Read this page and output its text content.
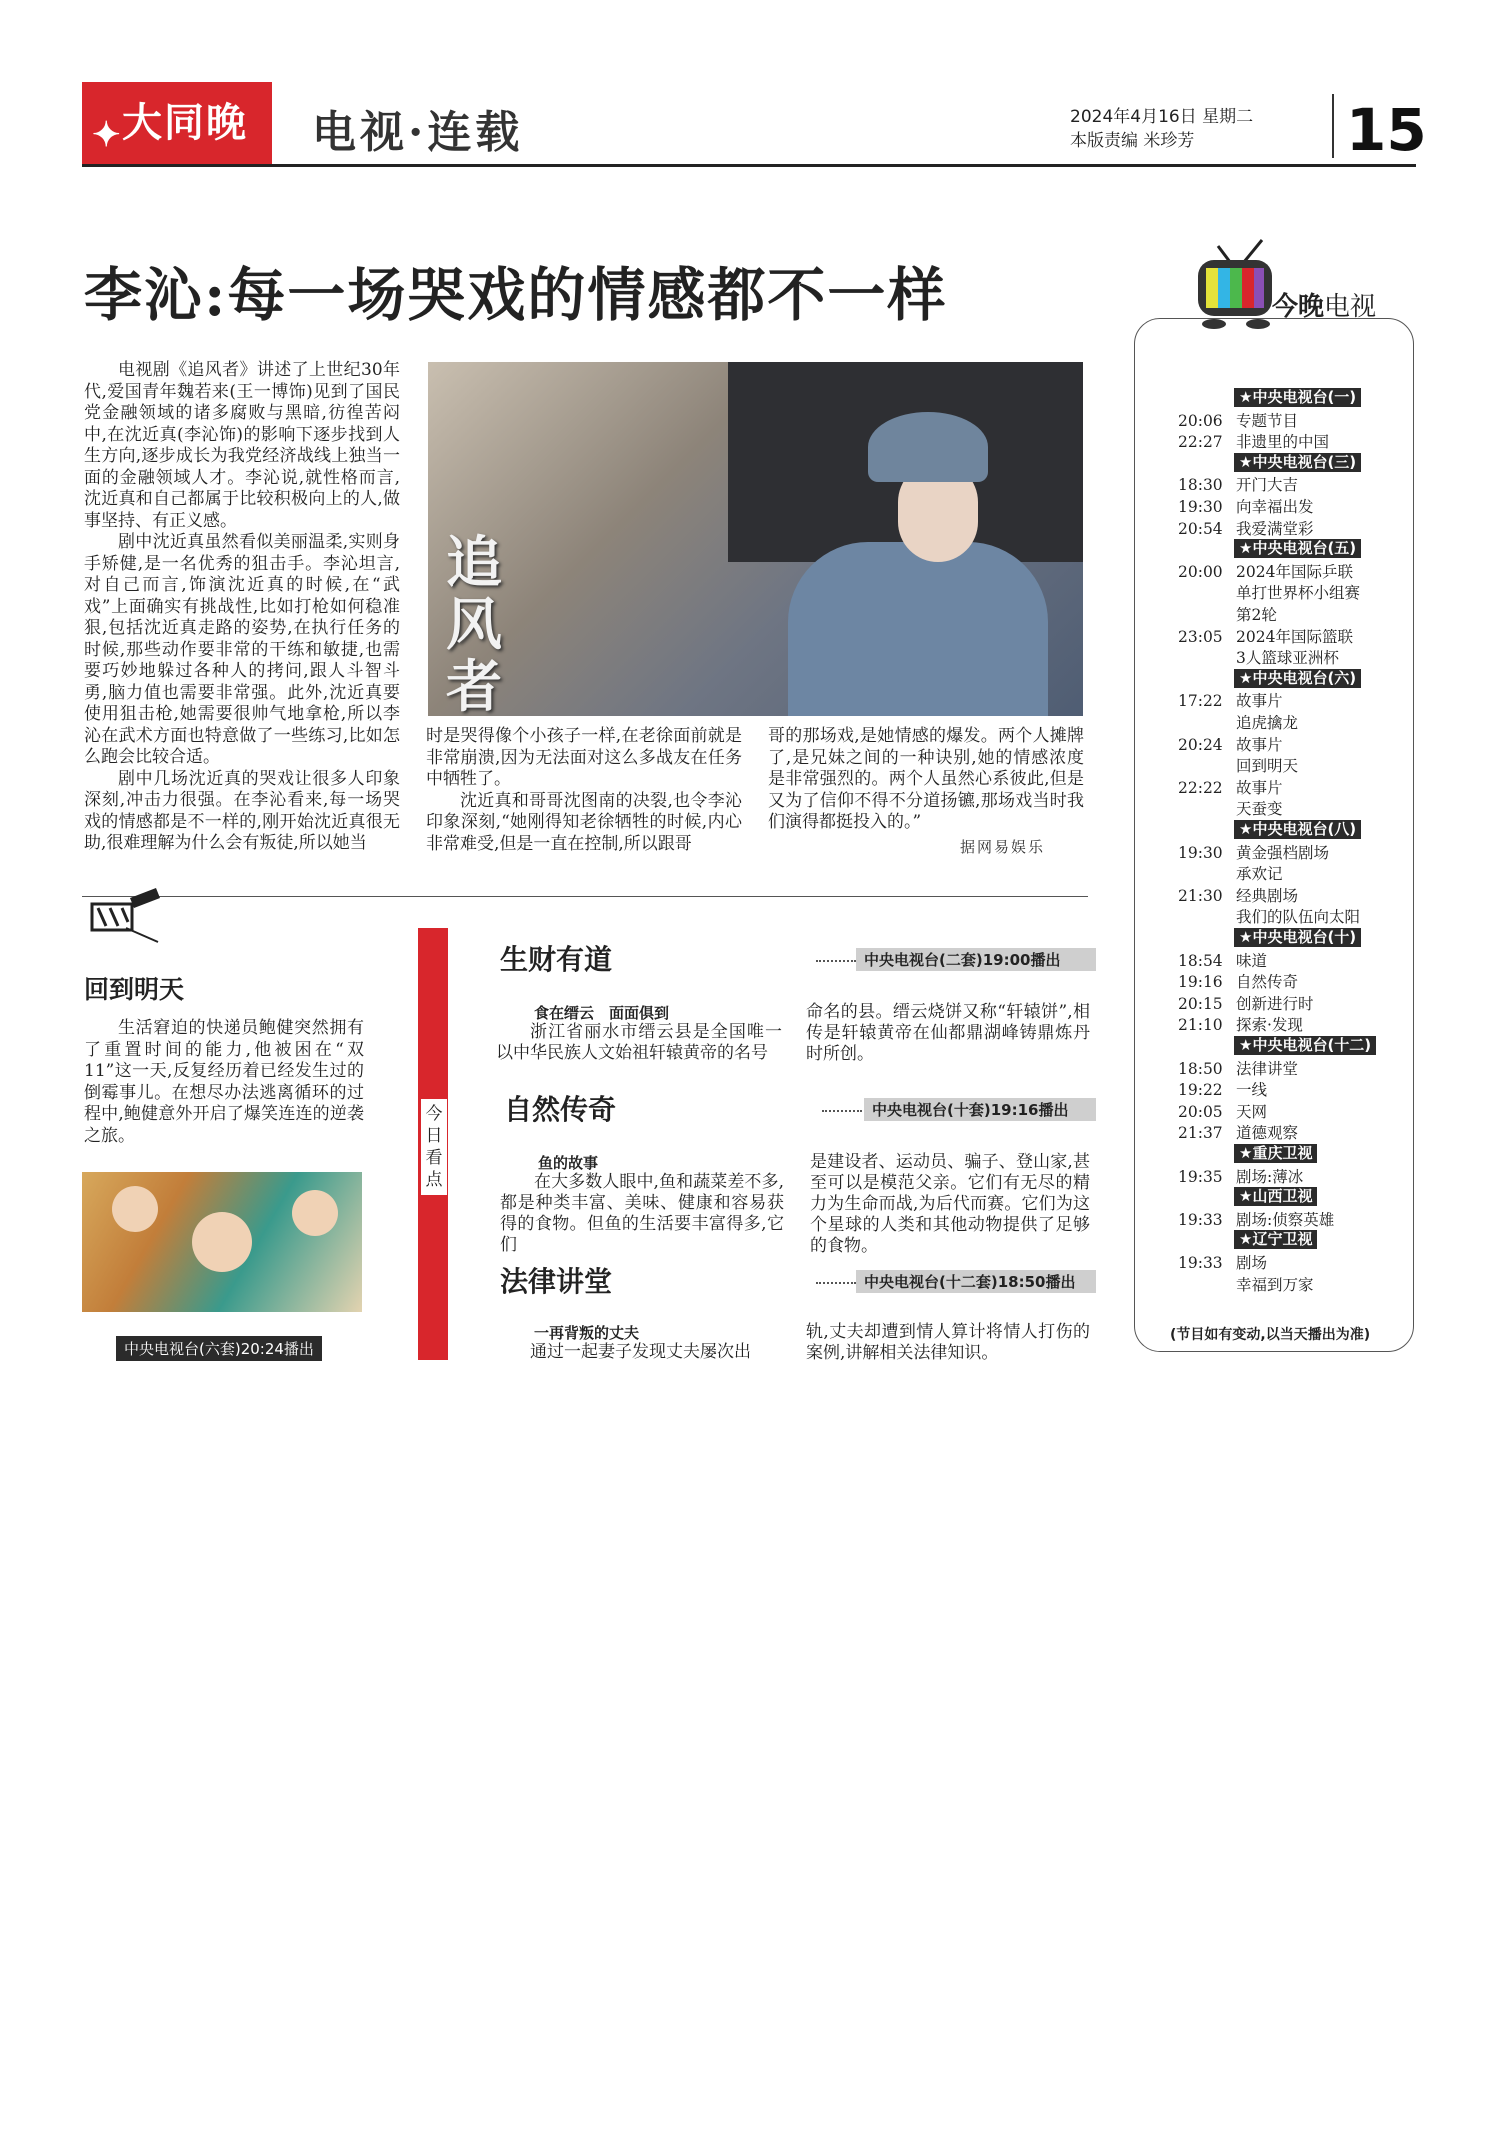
✦ 大同晚报
电视·连载	2024年4月16日 星期二
本版责编 米珍芳	15
李沁:每一场哭戏的情感都不一样

电视剧《追风者》讲述了上世纪30年代,爱国青年魏若来(王一博饰)见到了国民党金融领域的诸多腐败与黑暗,彷徨苦闷中,在沈近真(李沁饰)的影响下逐步找到人生方向,逐步成长为我党经济战线上独当一面的金融领域人才。李沁说,就性格而言,沈近真和自己都属于比较积极向上的人,做事坚持、有正义感。

剧中沈近真虽然看似美丽温柔,实则身手矫健,是一名优秀的狙击手。李沁坦言,对自己而言,饰演沈近真的时候,在“武戏”上面确实有挑战性,比如打枪如何稳准狠,包括沈近真走路的姿势,在执行任务的时候,那些动作要非常的干练和敏捷,也需要巧妙地躲过各种人的拷问,跟人斗智斗勇,脑力值也需要非常强。此外,沈近真要使用狙击枪,她需要很帅气地拿枪,所以李沁在武术方面也特意做了一些练习,比如怎么跑会比较合适。

剧中几场沈近真的哭戏让很多人印象深刻,冲击力很强。在李沁看来,每一场哭戏的情感都是不一样的,刚开始沈近真很无助,很难理解为什么会有叛徒,所以她当

追风者

时是哭得像个小孩子一样,在老徐面前就是非常崩溃,因为无法面对这么多战友在任务中牺牲了。

沈近真和哥哥沈图南的决裂,也令李沁印象深刻,“她刚得知老徐牺牲的时候,内心非常难受,但是一直在控制,所以跟哥

哥的那场戏,是她情感的爆发。两个人摊牌了,是兄妹之间的一种诀别,她的情感浓度是非常强烈的。两个人虽然心系彼此,但是又为了信仰不得不分道扬镳,那场戏当时我们演得都挺投入的。”

据网易娱乐
回到明天

生活窘迫的快递员鲍健突然拥有了重置时间的能力,他被困在“双11”这一天,反复经历着已经发生过的倒霉事儿。在想尽办法逃离循环的过程中,鲍健意外开启了爆笑连连的逆袭之旅。

中央电视台(六套)20:24播出
今日看点
生财有道	中央电视台(二套)19:00播出
食在缙云　面面俱到
浙江省丽水市缙云县是全国唯一以中华民族人文始祖轩辕黄帝的名号
命名的县。缙云烧饼又称“轩辕饼”,相传是轩辕黄帝在仙都鼎湖峰铸鼎炼丹时所创。
自然传奇	中央电视台(十套)19:16播出
鱼的故事
在大多数人眼中,鱼和蔬菜差不多,都是种类丰富、美味、健康和容易获得的食物。但鱼的生活要丰富得多,它们
是建设者、运动员、骗子、登山家,甚至可以是模范父亲。它们有无尽的精力为生命而战,为后代而赛。它们为这个星球的人类和其他动物提供了足够的食物。
法律讲堂	中央电视台(十二套)18:50播出
一再背叛的丈夫
通过一起妻子发现丈夫屡次出
轨,丈夫却遭到情人算计将情人打伤的案例,讲解相关法律知识。
今晚电视
★中央电视台(一)
20:06 专题节目
22:27 非遗里的中国
★中央电视台(三)
18:30 开门大吉
19:30 向幸福出发
20:54 我爱满堂彩
★中央电视台(五)
20:00 2024年国际乒联
单打世界杯小组赛
第2轮
23:05 2024年国际篮联
3人篮球亚洲杯
★中央电视台(六)
17:22 故事片
追虎擒龙
20:24 故事片
回到明天
22:22 故事片
天蚕变
★中央电视台(八)
19:30 黄金强档剧场
承欢记
21:30 经典剧场
我们的队伍向太阳
★中央电视台(十)
18:54 味道
19:16 自然传奇
20:15 创新进行时
21:10 探索·发现
★中央电视台(十二)
18:50 法律讲堂
19:22 一线
20:05 天网
21:37 道德观察
★重庆卫视
19:35 剧场:薄冰
★山西卫视
19:33 剧场:侦察英雄
★辽宁卫视
19:33 剧场
幸福到万家
(节目如有变动,以当天播出为准)
